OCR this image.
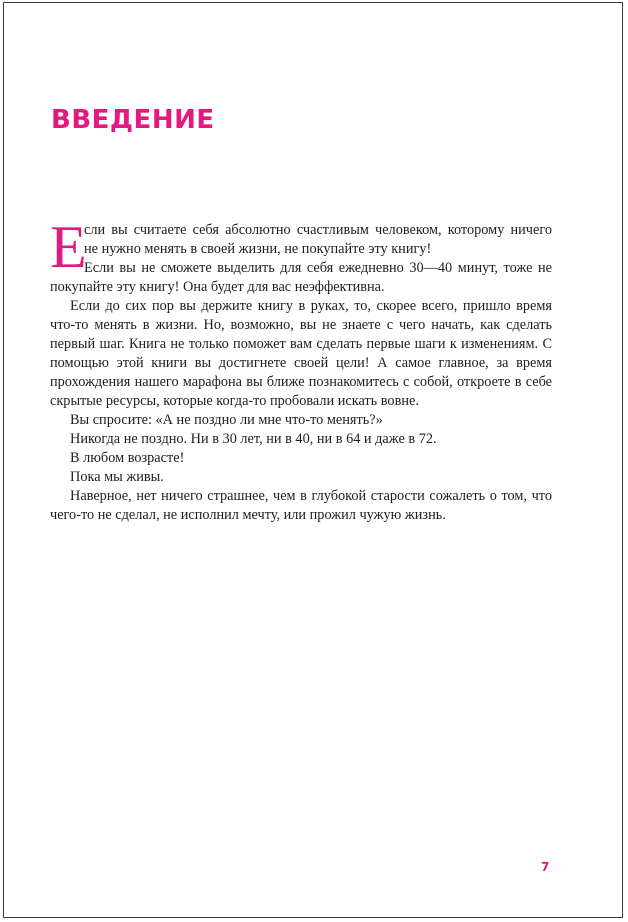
ВВЕДЕНИЕ
Е
сли вы считаете себя абсолютно счастливым человеком, которому ничего
не нужно менять в своей жизни, не покупайте эту книгу!
Если вы не сможете выделить для себя ежедневно 30—40 минут, тоже не
покупайте эту книгу! Она будет для вас неэффективна.

Если до сих пор вы держите книгу в руках, то, скорее всего, пришло время что-то менять в жизни. Но, возможно, вы не знаете с чего начать, как сделать первый шаг. Книга не только поможет вам сделать первые шаги к изменениям. С помощью этой книги вы достигнете своей цели! А самое главное, за время прохождения нашего марафона вы ближе познакомитесь с собой, откроете в себе скрытые ресурсы, которые когда-то пробовали искать вовне.

Вы спросите: «А не поздно ли мне что-то менять?»

Никогда не поздно. Ни в 30 лет, ни в 40, ни в 64 и даже в 72.

В любом возрасте!

Пока мы живы.

Наверное, нет ничего страшнее, чем в глубокой старости сожалеть о том, что чего-то не сделал, не исполнил мечту, или прожил чужую жизнь.

7
